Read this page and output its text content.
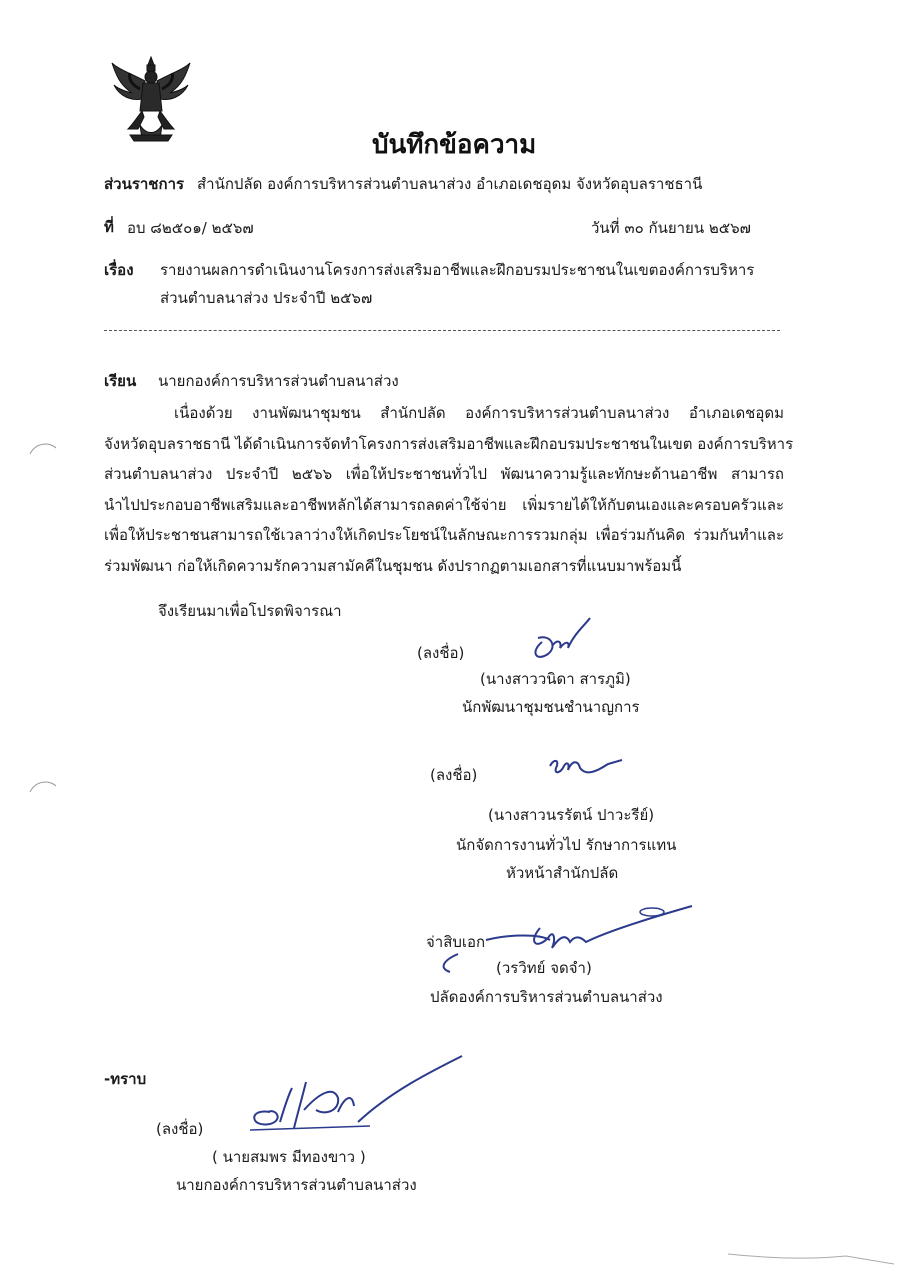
บันทึกข้อความ
ส่วนราชการ สำนักปลัด องค์การบริหารส่วนตำบลนาส่วง อำเภอเดชอุดม จังหวัดอุบลราชธานี
ที่ อบ ๘๒๕๐๑/ ๒๕๖๗	วันที่ ๓๐ กันยายน ๒๕๖๗
เรื่อง รายงานผลการดำเนินงานโครงการส่งเสริมอาชีพและฝึกอบรมประชาชนในเขตองค์การบริหาร
ส่วนตำบลนาส่วง ประจำปี ๒๕๖๗
เรียน นายกองค์การบริหารส่วนตำบลนาส่วง
เนื่องด้วย งานพัฒนาชุมชน สำนักปลัด องค์การบริหารส่วนตำบลนาส่วง อำเภอเดชอุดม
จังหวัดอุบลราชธานี ได้ดำเนินการจัดทำโครงการส่งเสริมอาชีพและฝึกอบรมประชาชนในเขต องค์การบริหาร
ส่วนตำบลนาส่วง ประจำปี ๒๕๖๖ เพื่อให้ประชาชนทั่วไป พัฒนาความรู้และทักษะด้านอาชีพ สามารถ
นำไปประกอบอาชีพเสริมและอาชีพหลักได้สามารถลดค่าใช้จ่าย เพิ่มรายได้ให้กับตนเองและครอบครัวและ
เพื่อให้ประชาชนสามารถใช้เวลาว่างให้เกิดประโยชน์ในลักษณะการรวมกลุ่ม เพื่อร่วมกันคิด ร่วมกันทำและ
ร่วมพัฒนา ก่อให้เกิดความรักความสามัคคีในชุมชน ดังปรากฏตามเอกสารที่แนบมาพร้อมนี้
จึงเรียนมาเพื่อโปรดพิจารณา
(ลงชื่อ)
(นางสาววนิดา สารภูมิ)
นักพัฒนาชุมชนชำนาญการ
(ลงชื่อ)
(นางสาวนรรัตน์ ปาวะรีย์)
นักจัดการงานทั่วไป รักษาการแทน
หัวหน้าสำนักปลัด
จ่าสิบเอก
(วรวิทย์ จดจำ)
ปลัดองค์การบริหารส่วนตำบลนาส่วง
-ทราบ
(ลงชื่อ)
( นายสมพร มีทองขาว )
นายกองค์การบริหารส่วนตำบลนาส่วง
